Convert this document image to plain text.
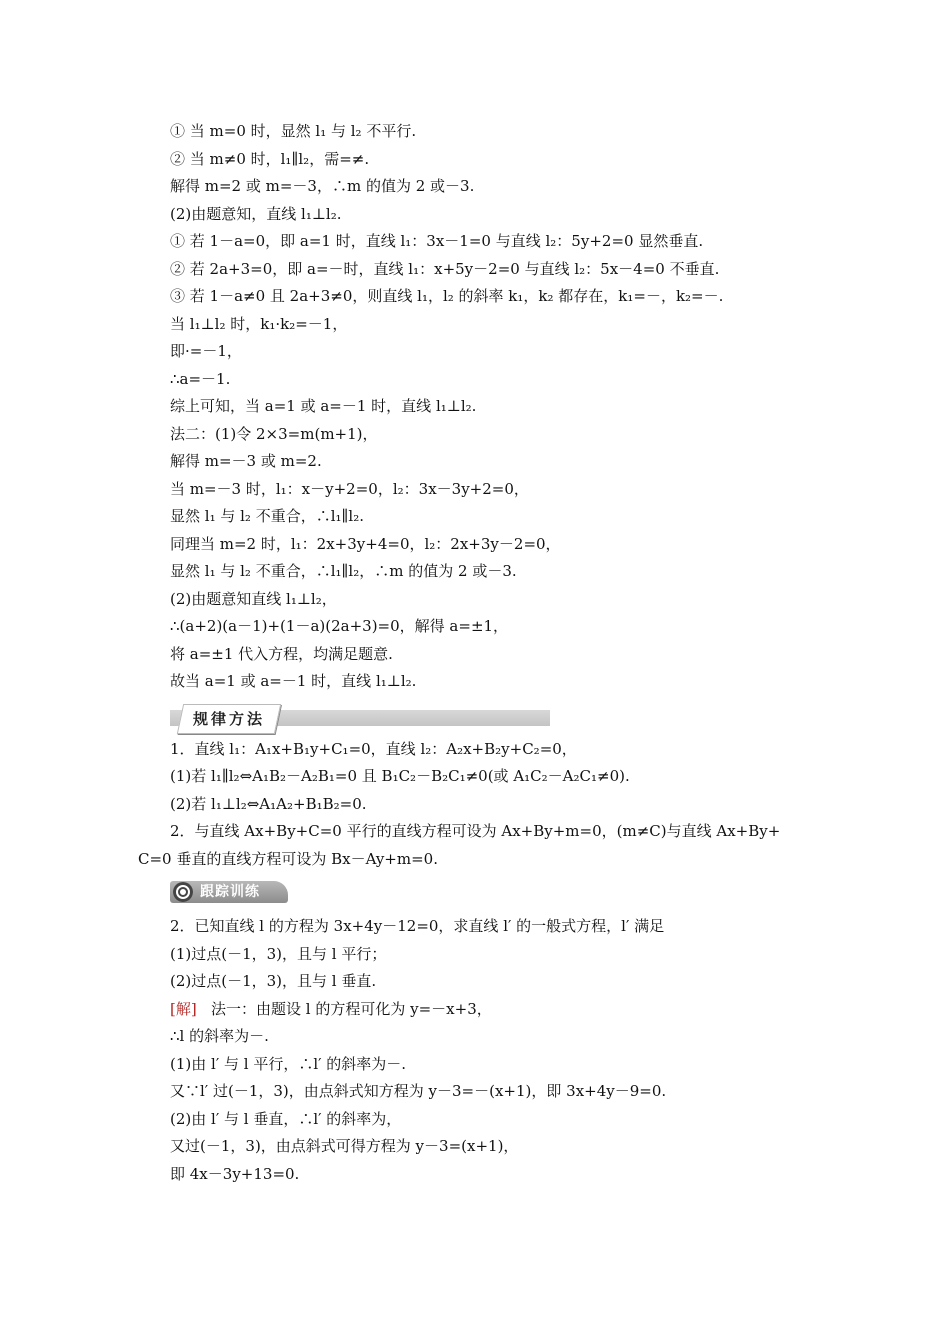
① 当 m=0 时，显然 l₁ 与 l₂ 不平行.
② 当 m≠0 时，l₁∥l₂，需=≠.
解得 m=2 或 m=－3，∴m 的值为 2 或－3.
(2)由题意知，直线 l₁⊥l₂.
① 若 1－a=0，即 a=1 时，直线 l₁：3x－1=0 与直线 l₂：5y+2=0 显然垂直.
② 若 2a+3=0，即 a=－时，直线 l₁：x+5y－2=0 与直线 l₂：5x－4=0 不垂直.
③ 若 1－a≠0 且 2a+3≠0，则直线 l₁，l₂ 的斜率 k₁，k₂ 都存在，k₁=－，k₂=－.
当 l₁⊥l₂ 时，k₁·k₂=－1，
即·=－1，
∴a=－1.
综上可知，当 a=1 或 a=－1 时，直线 l₁⊥l₂.
法二：(1)令 2×3=m(m+1)，
解得 m=－3 或 m=2.
当 m=－3 时，l₁：x－y+2=0，l₂：3x－3y+2=0，
显然 l₁ 与 l₂ 不重合，∴l₁∥l₂.
同理当 m=2 时，l₁：2x+3y+4=0，l₂：2x+3y－2=0，
显然 l₁ 与 l₂ 不重合，∴l₁∥l₂，∴m 的值为 2 或－3.
(2)由题意知直线 l₁⊥l₂，
∴(a+2)(a－1)+(1－a)(2a+3)=0，解得 a=±1，
将 a=±1 代入方程，均满足题意.
故当 a=1 或 a=－1 时，直线 l₁⊥l₂.
规律方法
1．直线 l₁：A₁x+B₁y+C₁=0，直线 l₂：A₂x+B₂y+C₂=0，
(1)若 l₁∥l₂⇔A₁B₂－A₂B₁=0 且 B₁C₂－B₂C₁≠0(或 A₁C₂－A₂C₁≠0).
(2)若 l₁⊥l₂⇔A₁A₂+B₁B₂=0.
2．与直线 Ax+By+C=0 平行的直线方程可设为 Ax+By+m=0，(m≠C)与直线 Ax+By+
C=0 垂直的直线方程可设为 Bx－Ay+m=0.
跟踪训练
2．已知直线 l 的方程为 3x+4y－12=0，求直线 l′ 的一般式方程，l′ 满足
(1)过点(－1，3)，且与 l 平行；
(2)过点(－1，3)，且与 l 垂直.
[解] 法一：由题设 l 的方程可化为 y=－x+3，
∴l 的斜率为－.
(1)由 l′ 与 l 平行，∴l′ 的斜率为－.
又∵l′ 过(－1，3)，由点斜式知方程为 y－3=－(x+1)，即 3x+4y－9=0.
(2)由 l′ 与 l 垂直，∴l′ 的斜率为，
又过(－1，3)，由点斜式可得方程为 y－3=(x+1)，
即 4x－3y+13=0.
